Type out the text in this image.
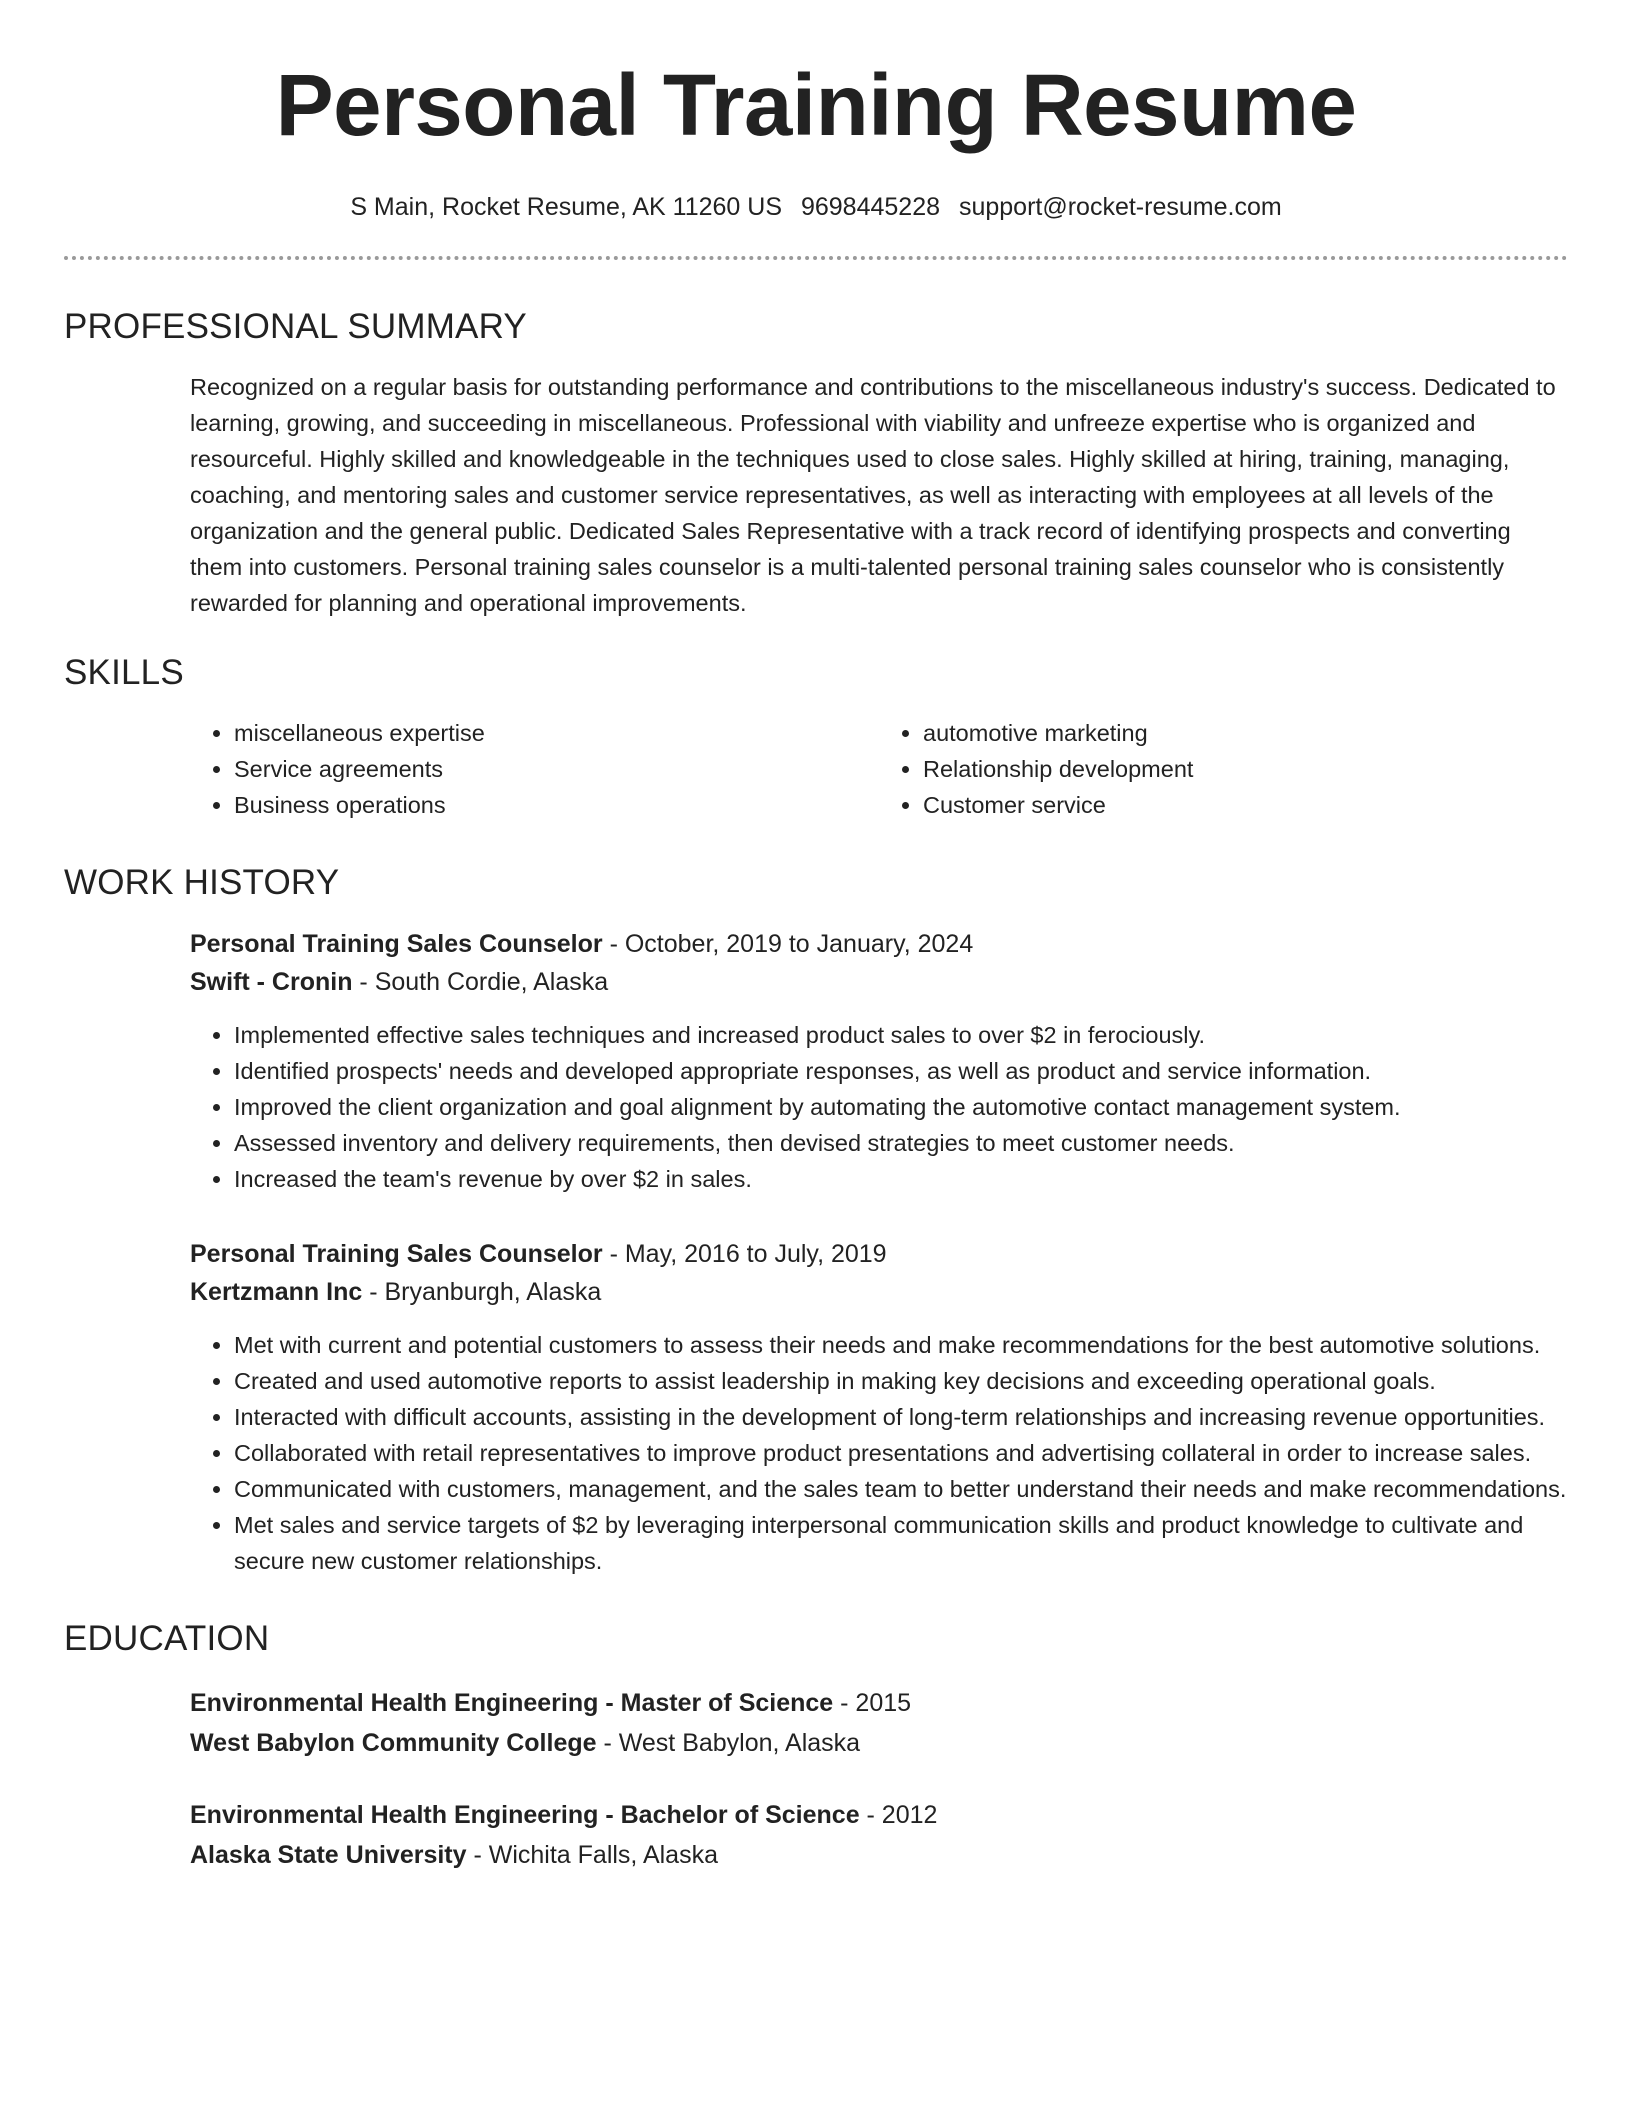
Personal Training Resume
S Main, Rocket Resume, AK 11260 US 9698445228 support@rocket-resume.com
PROFESSIONAL SUMMARY

Recognized on a regular basis for outstanding performance and contributions to the miscellaneous industry's success. Dedicated to learning, growing, and succeeding in miscellaneous. Professional with viability and unfreeze expertise who is organized and resourceful. Highly skilled and knowledgeable in the techniques used to close sales. Highly skilled at hiring, training, managing, coaching, and mentoring sales and customer service representatives, as well as interacting with employees at all levels of the organization and the general public. Dedicated Sales Representative with a track record of identifying prospects and converting them into customers. Personal training sales counselor is a multi-talented personal training sales counselor who is consistently rewarded for planning and operational improvements.

SKILLS
• miscellaneous expertise
• Service agreements
• Business operations
• automotive marketing
• Relationship development
• Customer service
WORK HISTORY
Personal Training Sales Counselor - October, 2019 to January, 2024
Swift - Cronin - South Cordie, Alaska
• Implemented effective sales techniques and increased product sales to over $2 in ferociously.
• Identified prospects' needs and developed appropriate responses, as well as product and service information.
• Improved the client organization and goal alignment by automating the automotive contact management system.
• Assessed inventory and delivery requirements, then devised strategies to meet customer needs.
• Increased the team's revenue by over $2 in sales.
Personal Training Sales Counselor - May, 2016 to July, 2019
Kertzmann Inc - Bryanburgh, Alaska
• Met with current and potential customers to assess their needs and make recommendations for the best automotive solutions.
• Created and used automotive reports to assist leadership in making key decisions and exceeding operational goals.
• Interacted with difficult accounts, assisting in the development of long-term relationships and increasing revenue opportunities.
• Collaborated with retail representatives to improve product presentations and advertising collateral in order to increase sales.
• Communicated with customers, management, and the sales team to better understand their needs and make recommendations.
• Met sales and service targets of $2 by leveraging interpersonal communication skills and product knowledge to cultivate and secure new customer relationships.
EDUCATION
Environmental Health Engineering - Master of Science - 2015
West Babylon Community College - West Babylon, Alaska
Environmental Health Engineering - Bachelor of Science - 2012
Alaska State University - Wichita Falls, Alaska
